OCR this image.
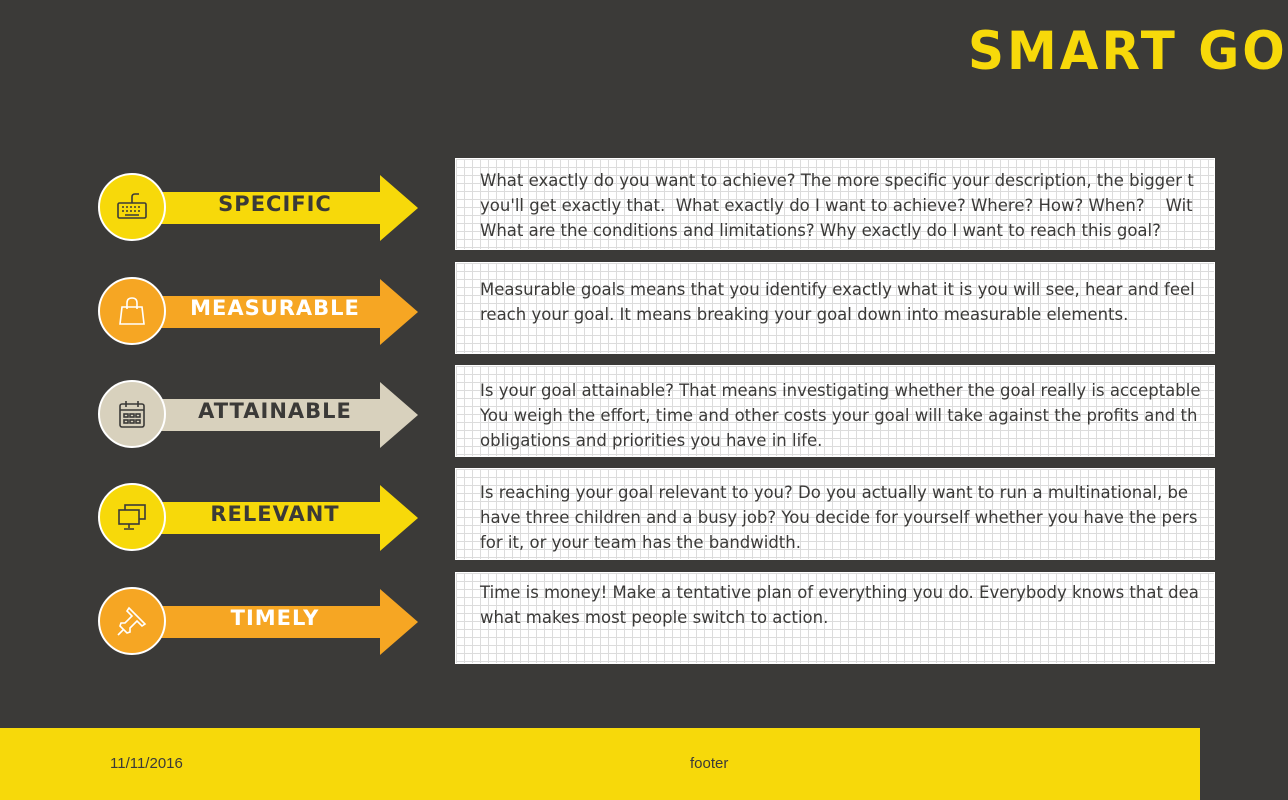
SMART GO
SPECIFIC

What exactly do you want to achieve? The more specific your description, the bigger t

you'll get exactly that.  What exactly do I want to achieve? Where? How? When?    Wit

What are the conditions and limitations? Why exactly do I want to reach this goal?

MEASURABLE

Measurable goals means that you identify exactly what it is you will see, hear and feel

reach your goal. It means breaking your goal down into measurable elements.

ATTAINABLE

Is your goal attainable? That means investigating whether the goal really is acceptable

You weigh the effort, time and other costs your goal will take against the profits and th

obligations and priorities you have in life.

RELEVANT

Is reaching your goal relevant to you? Do you actually want to run a multinational, be

have three children and a busy job? You decide for yourself whether you have the pers

for it, or your team has the bandwidth.

TIMELY

Time is money! Make a tentative plan of everything you do. Everybody knows that dea

what makes most people switch to action.

11/11/2016	footer
